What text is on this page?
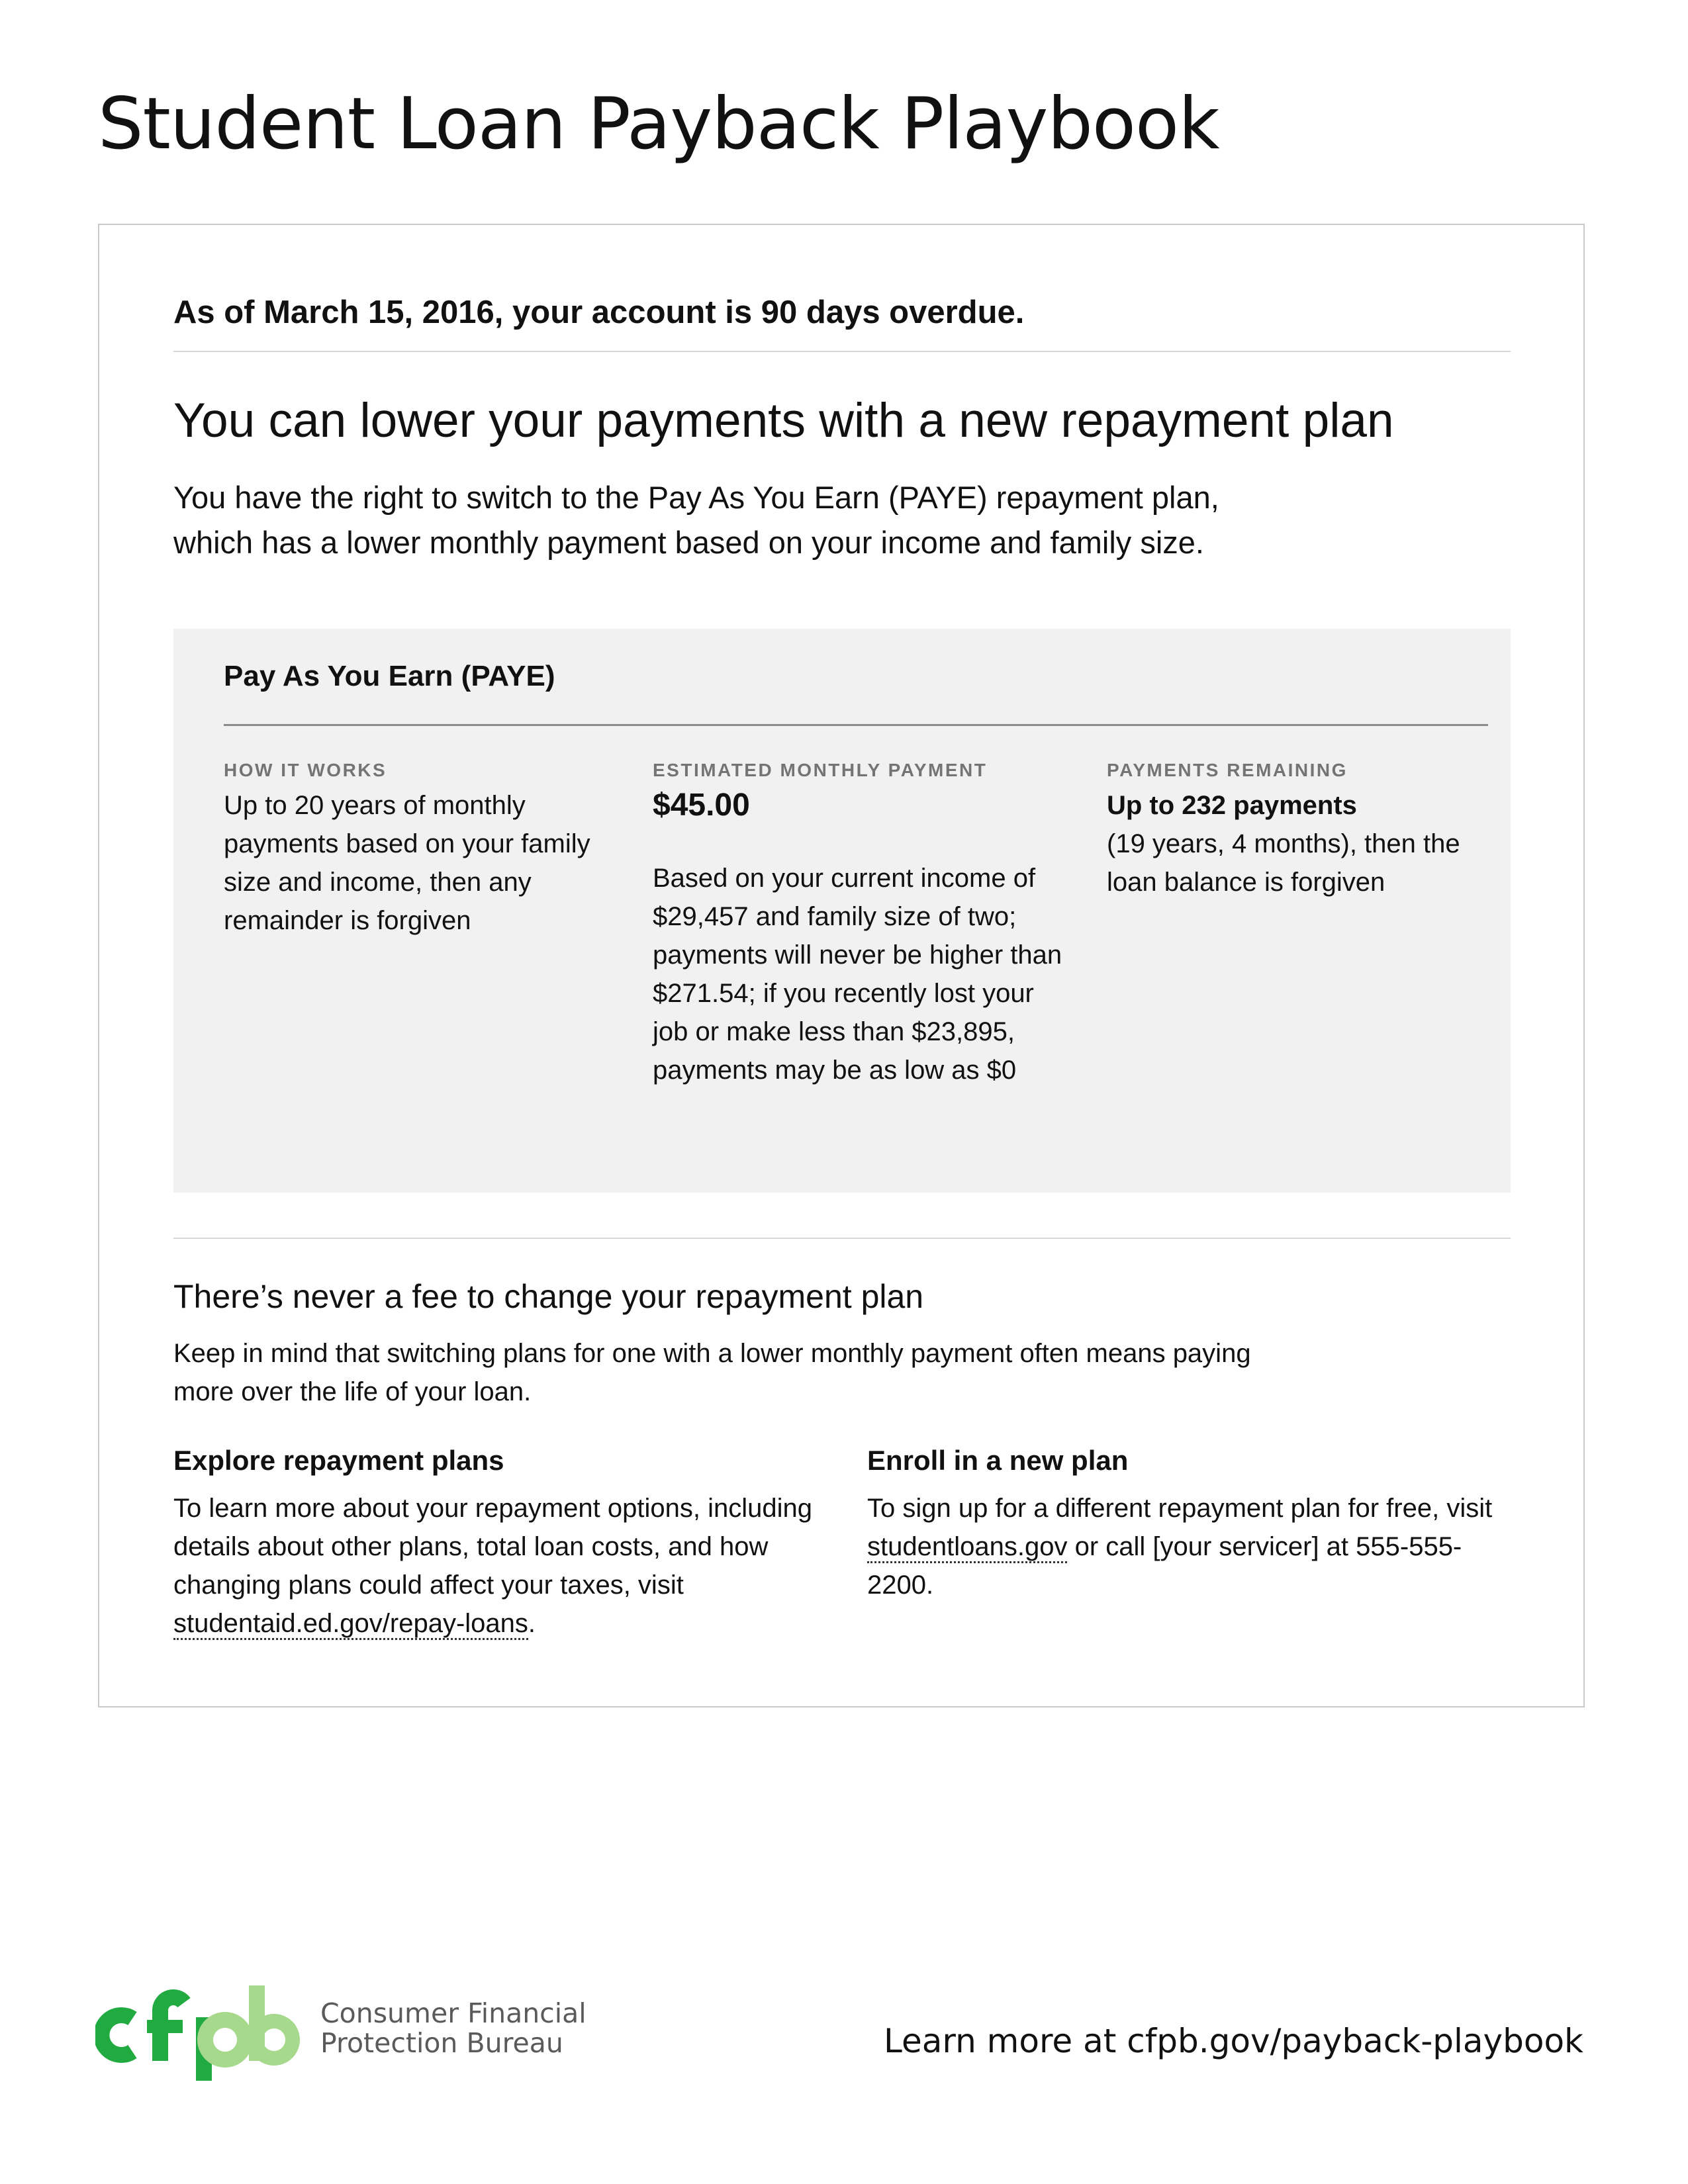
Student Loan Payback Playbook

As of March 15, 2016, your account is 90 days overdue.

You can lower your payments with a new repayment plan
You have the right to switch to the Pay As You Earn (PAYE) repayment plan,
which has a lower monthly payment based on your income and family size.
Pay As You Earn (PAYE)
HOW IT WORKS
Up to 20 years of monthly payments based on your family size and income, then any remainder is forgiven
ESTIMATED MONTHLY PAYMENT
$45.00
Based on your current income of $29,457 and family size of two; payments will never be higher than $271.54; if you recently lost your job or make less than $23,895, payments may be as low as $0
PAYMENTS REMAINING
Up to 232 payments
(19 years, 4 months), then the loan balance is forgiven
There’s never a fee to change your repayment plan

Keep in mind that switching plans for one with a lower monthly payment often means paying more over the life of your loan.

Explore repayment plans
To learn more about your repayment options, including details about other plans, total loan costs, and how changing plans could affect your taxes, visit studentaid.ed.gov/repay-loans.
Enroll in a new plan
To sign up for a different repayment plan for free, visit studentloans.gov or call [your servicer] at 555-555-2200.
Consumer Financial
Protection Bureau	Learn more at cfpb.gov/payback-playbook
